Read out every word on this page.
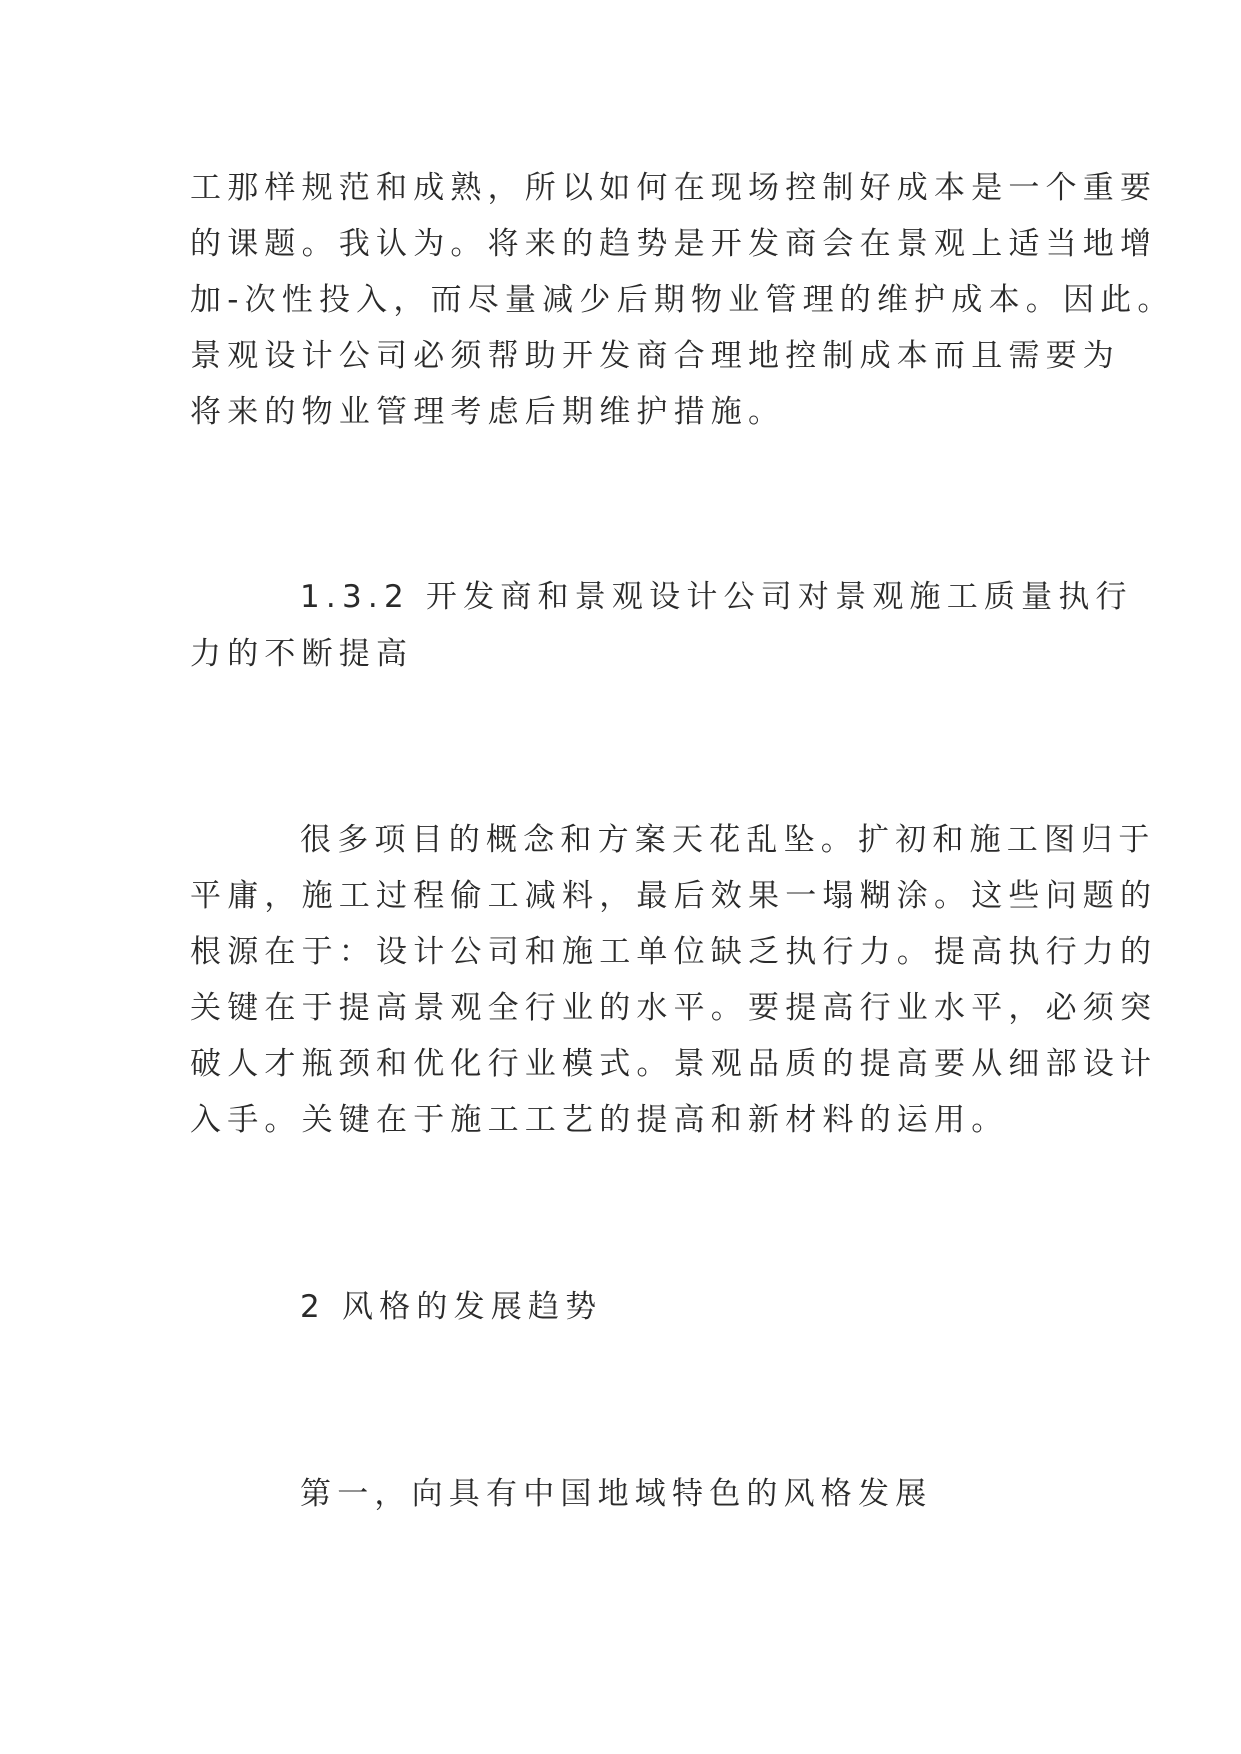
工那样规范和成熟，所以如何在现场控制好成本是一个重要
的课题。我认为。将来的趋势是开发商会在景观上适当地增
加-次性投入，而尽量减少后期物业管理的维护成本。因此。
景观设计公司必须帮助开发商合理地控制成本而且需要为
将来的物业管理考虑后期维护措施。
1.3.2 开发商和景观设计公司对景观施工质量执行
力的不断提高
很多项目的概念和方案天花乱坠。扩初和施工图归于
平庸，施工过程偷工减料，最后效果一塌糊涂。这些问题的
根源在于：设计公司和施工单位缺乏执行力。提高执行力的
关键在于提高景观全行业的水平。要提高行业水平，必须突
破人才瓶颈和优化行业模式。景观品质的提高要从细部设计
入手。关键在于施工工艺的提高和新材料的运用。
2 风格的发展趋势
第一，向具有中国地域特色的风格发展
